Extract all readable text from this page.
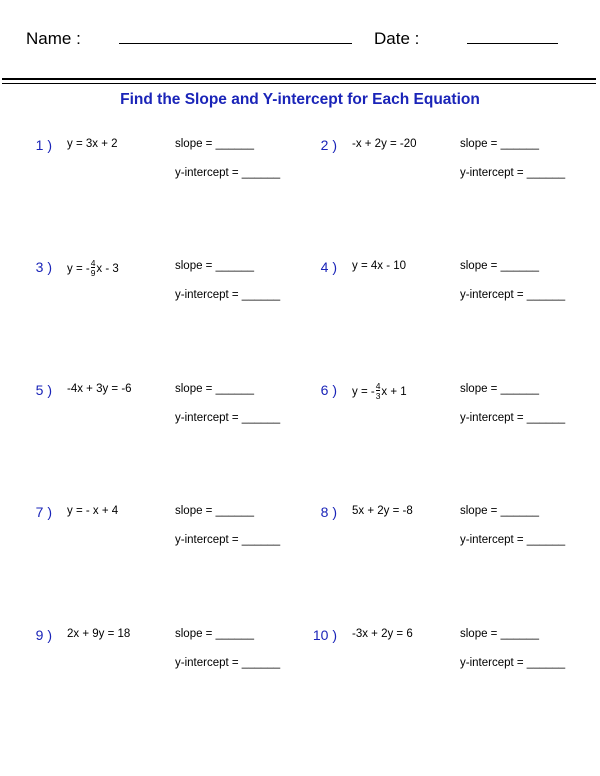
Name :	Date :
Find the Slope and Y-intercept for Each Equation
1 ) y = 3x + 2	slope = ______
y-intercept = ______
2 ) -x + 2y = -20	slope = ______
y-intercept = ______
3 ) y = - $\frac{4}{9}$ x - 3	slope = ______
y-intercept = ______
4 ) y = 4x - 10	slope = ______
y-intercept = ______
5 ) -4x + 3y = -6	slope = ______
y-intercept = ______
6 ) y = - $\frac{4}{3}$ x + 1	slope = ______
y-intercept = ______
7 ) y = - x + 4	slope = ______
y-intercept = ______
8 ) 5x + 2y = -8	slope = ______
y-intercept = ______
9 ) 2x + 9y = 18	slope = ______
y-intercept = ______
10 ) -3x + 2y = 6	slope = ______
y-intercept = ______
